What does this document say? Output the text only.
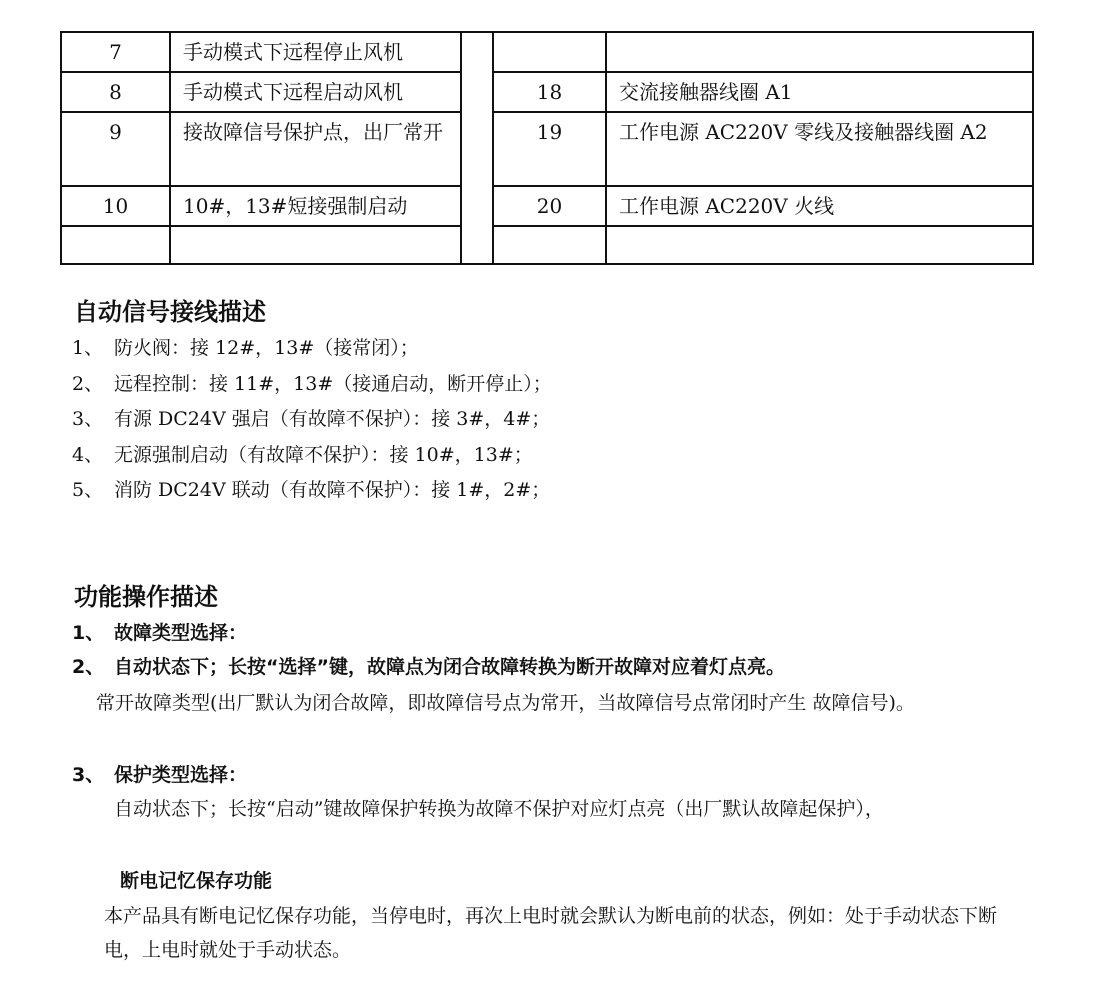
7	手动模式下远程停止风机			
8	手动模式下远程启动风机		18	交流接触器线圈 A1
9	接故障信号保护点，出厂常开		19	工作电源 AC220V 零线及接触器线圈 A2
10	10#，13#短接强制启动		20	工作电源 AC220V 火线

自动信号接线描述
1、 防火阀：接 12#，13#（接常闭）；
2、 远程控制：接 11#，13#（接通启动，断开停止）；
3、 有源 DC24V 强启（有故障不保护）：接 3#，4#；
4、 无源强制启动（有故障不保护）：接 10#，13#；
5、 消防 DC24V 联动（有故障不保护）：接 1#，2#；
功能操作描述
1、 故障类型选择：
2、 自动状态下；长按“选择”键，故障点为闭合故障转换为断开故障对应着灯点亮。

常开故障类型(出厂默认为闭合故障，即故障信号点为常开，当故障信号点常闭时产生 故障信号)。

3、 保护类型选择：

自动状态下；长按“启动”键故障保护转换为故障不保护对应灯点亮（出厂默认故障起保护），

断电记忆保存功能

本产品具有断电记忆保存功能，当停电时，再次上电时就会默认为断电前的状态，例如：处于手动状态下断电，上电时就处于手动状态。
